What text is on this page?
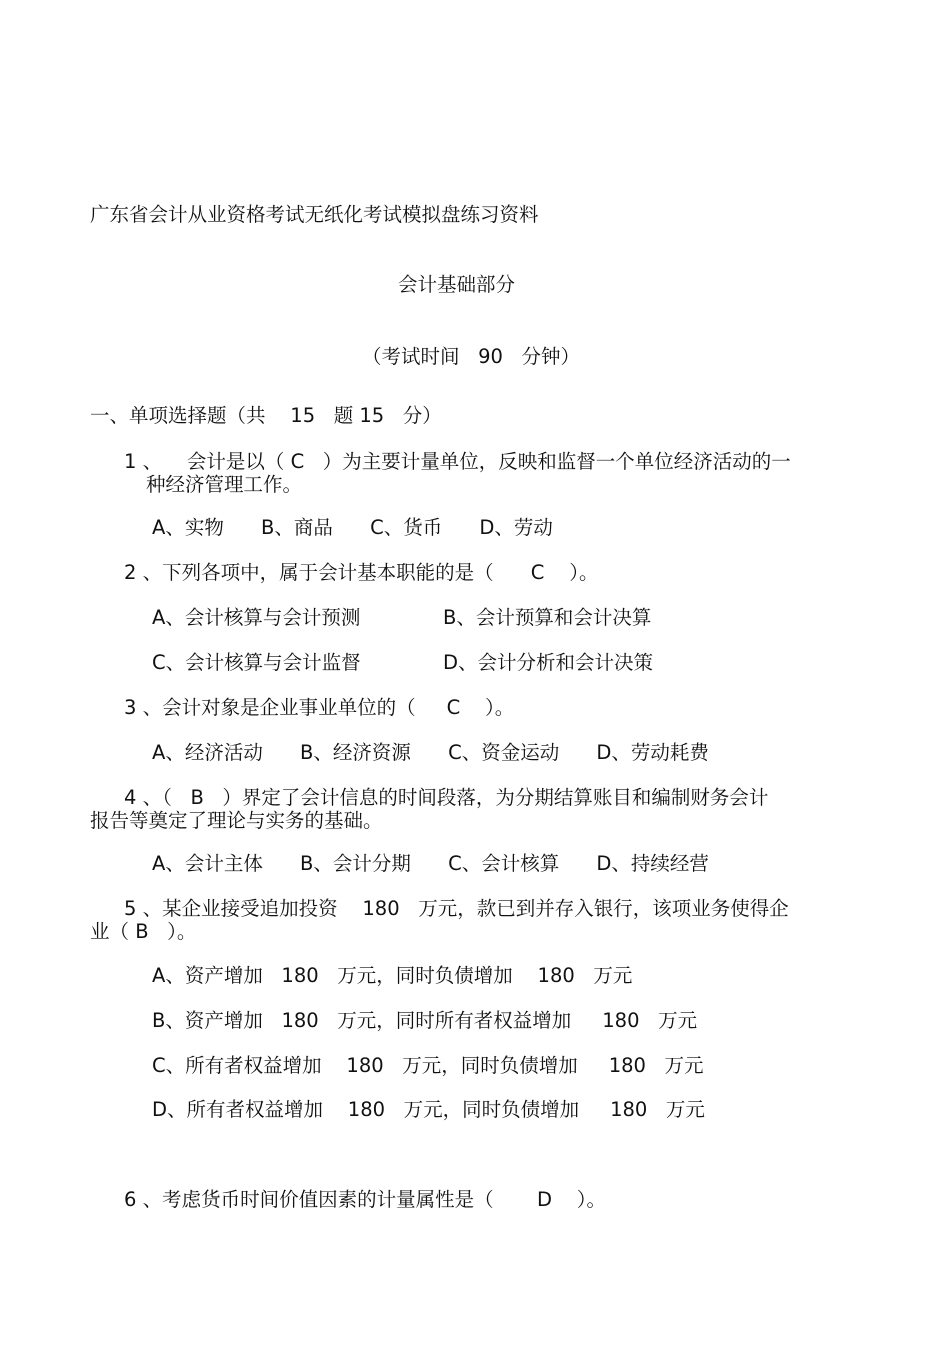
广东省会计从业资格考试无纸化考试模拟盘练习资料
会计基础部分
（考试时间   90   分钟）
一、单项选择题（共    15   题 15   分）
1 、    会计是以（ C   ）为主要计量单位，反映和监督一个单位经济活动的一
种经济管理工作。
A、实物      B、商品      C、货币      D、劳动
2 、下列各项中，属于会计基本职能的是（      C    ）。
A、会计核算与会计预测	B、会计预算和会计决算
C、会计核算与会计监督	D、会计分析和会计决策
3 、会计对象是企业事业单位的（     C    ）。
A、经济活动      B、经济资源      C、资金运动      D、劳动耗费
4 、（   B   ）界定了会计信息的时间段落，为分期结算账目和编制财务会计
报告等奠定了理论与实务的基础。
A、会计主体      B、会计分期      C、会计核算      D、持续经营
5 、某企业接受追加投资    180   万元，款已到并存入银行，该项业务使得企
业（ B   ）。
A、资产增加   180   万元，同时负债增加    180   万元
B、资产增加   180   万元，同时所有者权益增加     180   万元
C、所有者权益增加    180   万元，同时负债增加     180   万元
D、所有者权益增加    180   万元，同时负债增加     180   万元
6 、考虑货币时间价值因素的计量属性是（       D    ）。
